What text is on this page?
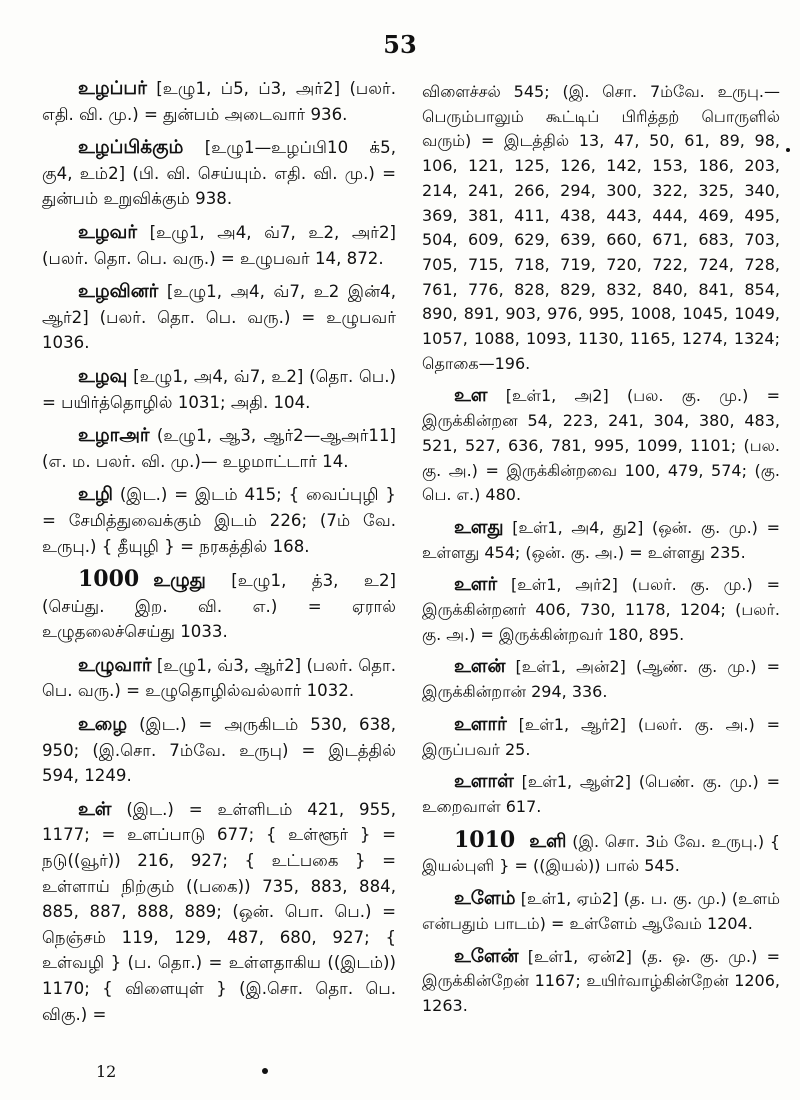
53

உழப்பர் [உழு1, ப்5, ப்3, அர்2] (பலர். எதி. வி. மு.) = துன்பம் அடைவார் 936.

உழப்பிக்கும் [உழு1—உழப்பி10 க்5, கு4, உம்2] (பி. வி. செய்யும். எதி. வி. மு.) = துன்பம் உறுவிக்கும் 938.

உழவர் [உழு1, அ4, வ்7, உ2, அர்2] (பலர். தொ. பெ. வரு.) = உழுபவர் 14, 872.

உழவினர் [உழு1, அ4, வ்7, உ2 இன்4, ஆர்2] (பலர். தொ. பெ. வரு.) = உழுபவர் 1036.

உழவு [உழு1, அ4, வ்7, உ2] (தொ. பெ.) = பயிர்த்தொழில் 1031; அதி. 104.

உழாஅர் (உழு1, ஆ3, ஆர்2—ஆஅர்11] (எ. ம. பலர். வி. மு.)— உழமாட்டார் 14.

உழி (இட.) = இடம் 415; { வைப்புழி } = சேமித்துவைக்கும் இடம் 226; (7ம் வே. உருபு.) { தீயுழி } = நரகத்தில் 168.

1000 உழுது [உழு1, த்3, உ2] (செய்து. இற. வி. எ.) = ஏரால் உழுதலைச்செய்து 1033.

உழுவார் [உழு1, வ்3, ஆர்2] (பலர். தொ. பெ. வரு.) = உழுதொழில்வல்லார் 1032.

உழை (இட.) = அருகிடம் 530, 638, 950; (இ.சொ. 7ம்வே. உருபு) = இடத்தில் 594, 1249.

உள் (இட.) = உள்ளிடம் 421, 955, 1177; = உளப்பாடு 677; { உள்ளூர் } = நடு((வூர்)) 216, 927; { உட்பகை } = உள்ளாய் நிற்கும் ((பகை)) 735, 883, 884, 885, 887, 888, 889; (ஒன். பொ. பெ.) = நெஞ்சம் 119, 129, 487, 680, 927; { உள்வழி } (ப. தொ.) = உள்ளதாகிய ((இடம்)) 1170; { விளையுள் } (இ.சொ. தொ. பெ. விகு.) =

விளைச்சல் 545; (இ. சொ. 7ம்வே. உருபு.—பெரும்பாலும் கூட்டிப் பிரித்தற் பொருளில் வரும்) = இடத்தில் 13, 47, 50, 61, 89, 98, 106, 121, 125, 126, 142, 153, 186, 203, 214, 241, 266, 294, 300, 322, 325, 340, 369, 381, 411, 438, 443, 444, 469, 495, 504, 609, 629, 639, 660, 671, 683, 703, 705, 715, 718, 719, 720, 722, 724, 728, 761, 776, 828, 829, 832, 840, 841, 854, 890, 891, 903, 976, 995, 1008, 1045, 1049, 1057, 1088, 1093, 1130, 1165, 1274, 1324; தொகை—196.

உள [உள்1, அ2] (பல. கு. மு.) = இருக்கின்றன 54, 223, 241, 304, 380, 483, 521, 527, 636, 781, 995, 1099, 1101; (பல. கு. அ.) = இருக்கின்றவை 100, 479, 574; (கு. பெ. எ.) 480.

உளது [உள்1, அ4, து2] (ஒன். கு. மு.) = உள்ளது 454; (ஒன். கு. அ.) = உள்ளது 235.

உளர் [உள்1, அர்2] (பலர். கு. மு.) = இருக்கின்றனர் 406, 730, 1178, 1204; (பலர். கு. அ.) = இருக்கின்றவர் 180, 895.

உளன் [உள்1, அன்2] (ஆண். கு. மு.) = இருக்கின்றான் 294, 336.

உளார் [உள்1, ஆர்2] (பலர். கு. அ.) = இருப்பவர் 25.

உளாள் [உள்1, ஆள்2] (பெண். கு. மு.) = உறைவாள் 617.

1010 உளி (இ. சொ. 3ம் வே. உருபு.) { இயல்புளி } = ((இயல்)) பால் 545.

உளேம் [உள்1, ஏம்2] (த. ப. கு. மு.) (உளம் என்பதும் பாடம்) = உள்ளேம் ஆவேம் 1204.

உளேன் [உள்1, ஏன்2] (த. ஒ. கு. மு.) = இருக்கின்றேன் 1167; உயிர்வாழ்கின்றேன் 1206, 1263.

12
